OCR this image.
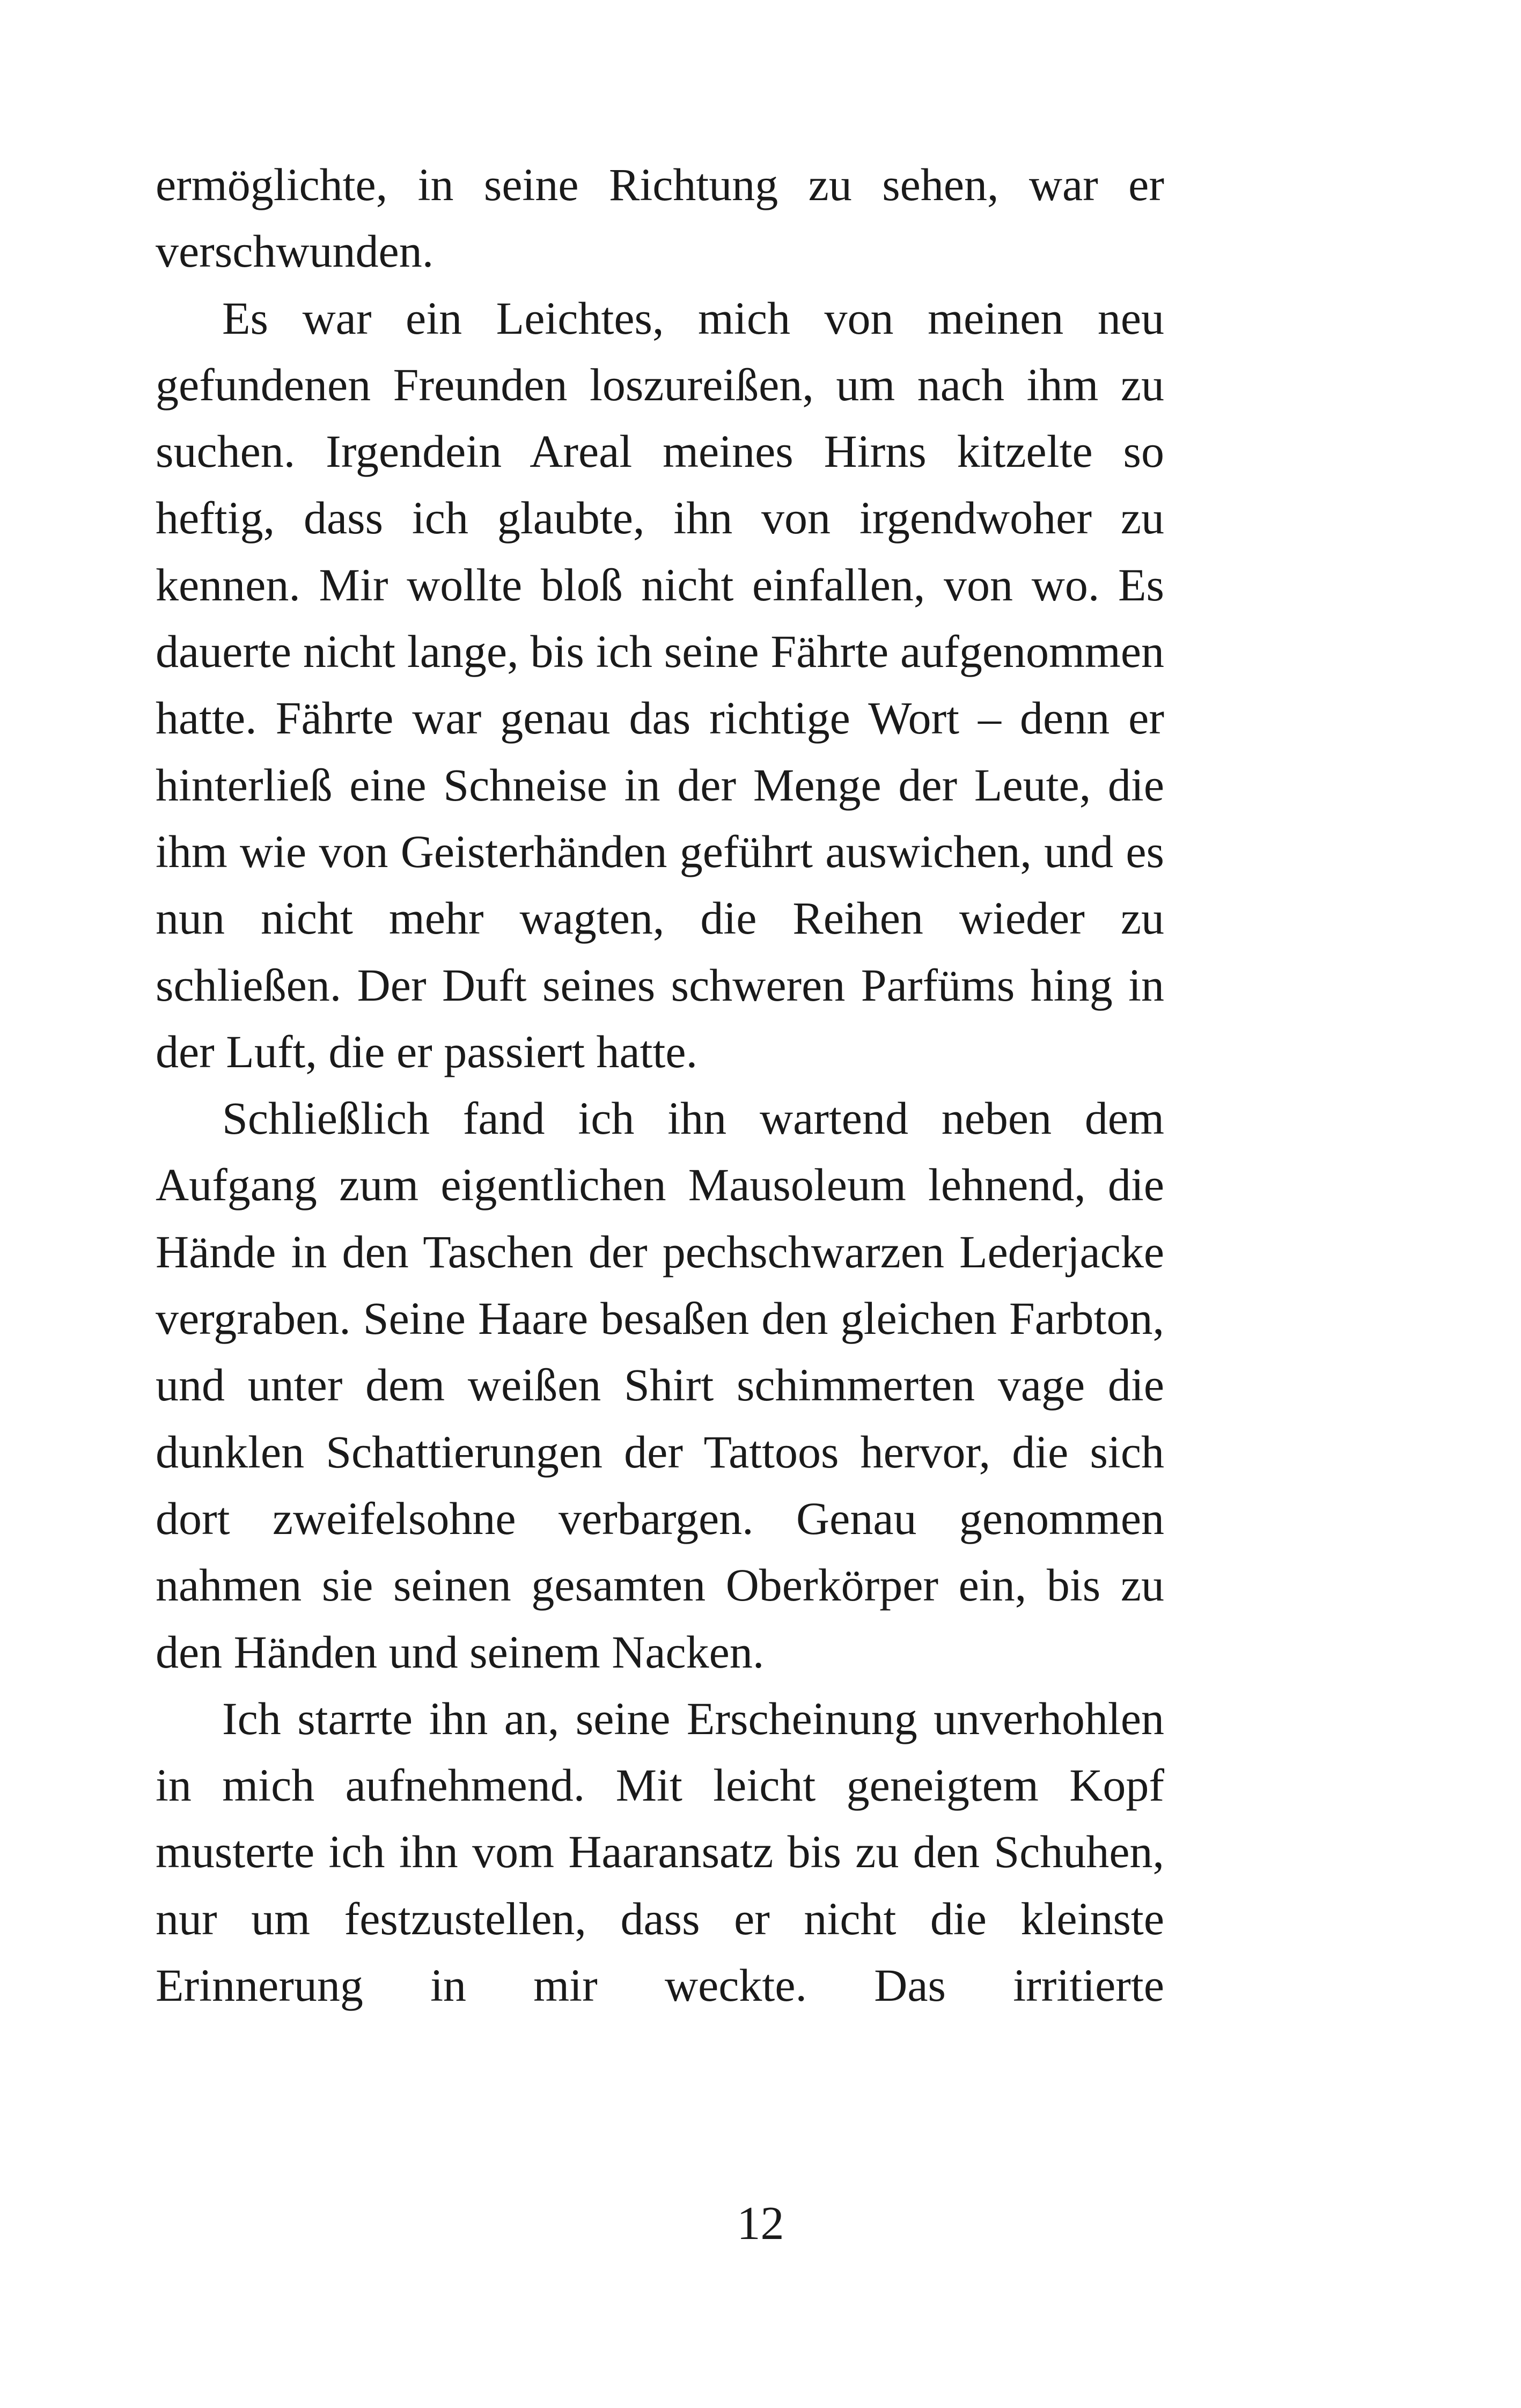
ermöglichte, in seine Richtung zu sehen, war er verschwunden.

Es war ein Leichtes, mich von meinen neu gefundenen Freunden loszureißen, um nach ihm zu suchen. Irgendein Areal meines Hirns kitzelte so heftig, dass ich glaubte, ihn von irgendwoher zu kennen. Mir wollte bloß nicht einfallen, von wo. Es dauerte nicht lange, bis ich seine Fährte aufgenommen hatte. Fährte war genau das richtige Wort – denn er hinterließ eine Schneise in der Menge der Leute, die ihm wie von Geisterhänden geführt auswichen, und es nun nicht mehr wagten, die Reihen wieder zu schließen. Der Duft seines schweren Parfüms hing in der Luft, die er passiert hatte.

Schließlich fand ich ihn wartend neben dem Aufgang zum eigentlichen Mausoleum lehnend, die Hände in den Taschen der pechschwarzen Lederjacke vergraben. Seine Haare besaßen den gleichen Farbton, und unter dem weißen Shirt schimmerten vage die dunklen Schattierungen der Tattoos hervor, die sich dort zweifelsohne verbargen. Genau genommen nahmen sie seinen gesamten Oberkörper ein, bis zu den Händen und seinem Nacken.

Ich starrte ihn an, seine Erscheinung unverhohlen in mich aufnehmend. Mit leicht geneigtem Kopf musterte ich ihn vom Haaransatz bis zu den Schuhen, nur um festzustellen, dass er nicht die kleinste Erinnerung in mir weckte. Das irritierte

12
